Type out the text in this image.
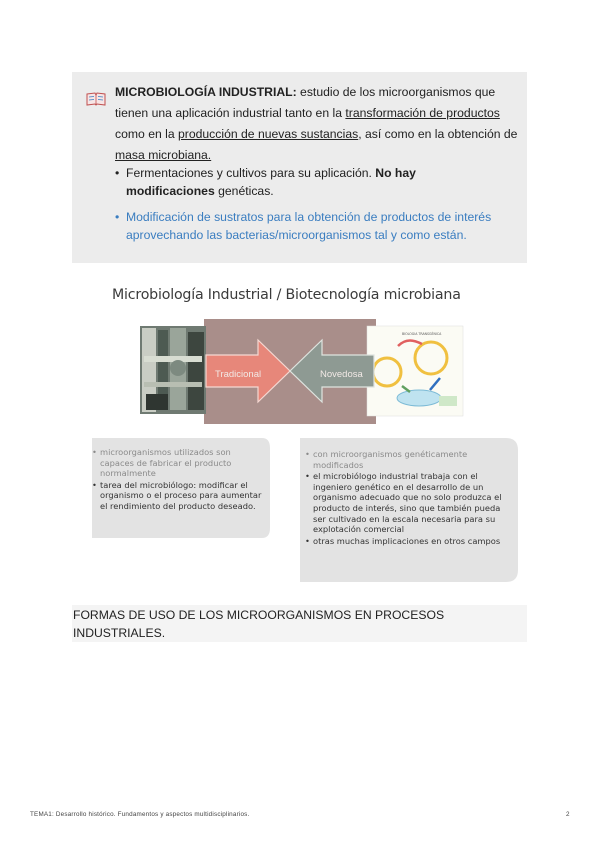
MICROBIOLOGÍA INDUSTRIAL: estudio de los microorganismos que tienen una aplicación industrial tanto en la transformación de productos como en la producción de nuevas sustancias, así como en la obtención de masa microbiana.

• Fermentaciones y cultivos para su aplicación. No hay modificaciones genéticas.
• Modificación de sustratos para la obtención de productos de interés aprovechando las bacterias/microorganismos tal y como están.
Microbiología Industrial / Biotecnología microbiana
BIOLOGIA TRANSGÉNICA
Tradicional	Novedosa
• microorganismos utilizados son capaces de fabricar el producto normalmente
• tarea del microbiólogo: modificar el organismo o el proceso para aumentar el rendimiento del producto deseado.
• con microorganismos genéticamente modificados
• el microbiólogo industrial trabaja con el ingeniero genético en el desarrollo de un organismo adecuado que no solo produzca el producto de interés, sino que también pueda ser cultivado en la escala necesaria para su explotación comercial
• otras muchas implicaciones en otros campos
FORMAS DE USO DE LOS MICROORGANISMOS EN PROCESOS INDUSTRIALES.
TEMA1: Desarrollo histórico. Fundamentos y aspectos multidisciplinarios.	2
